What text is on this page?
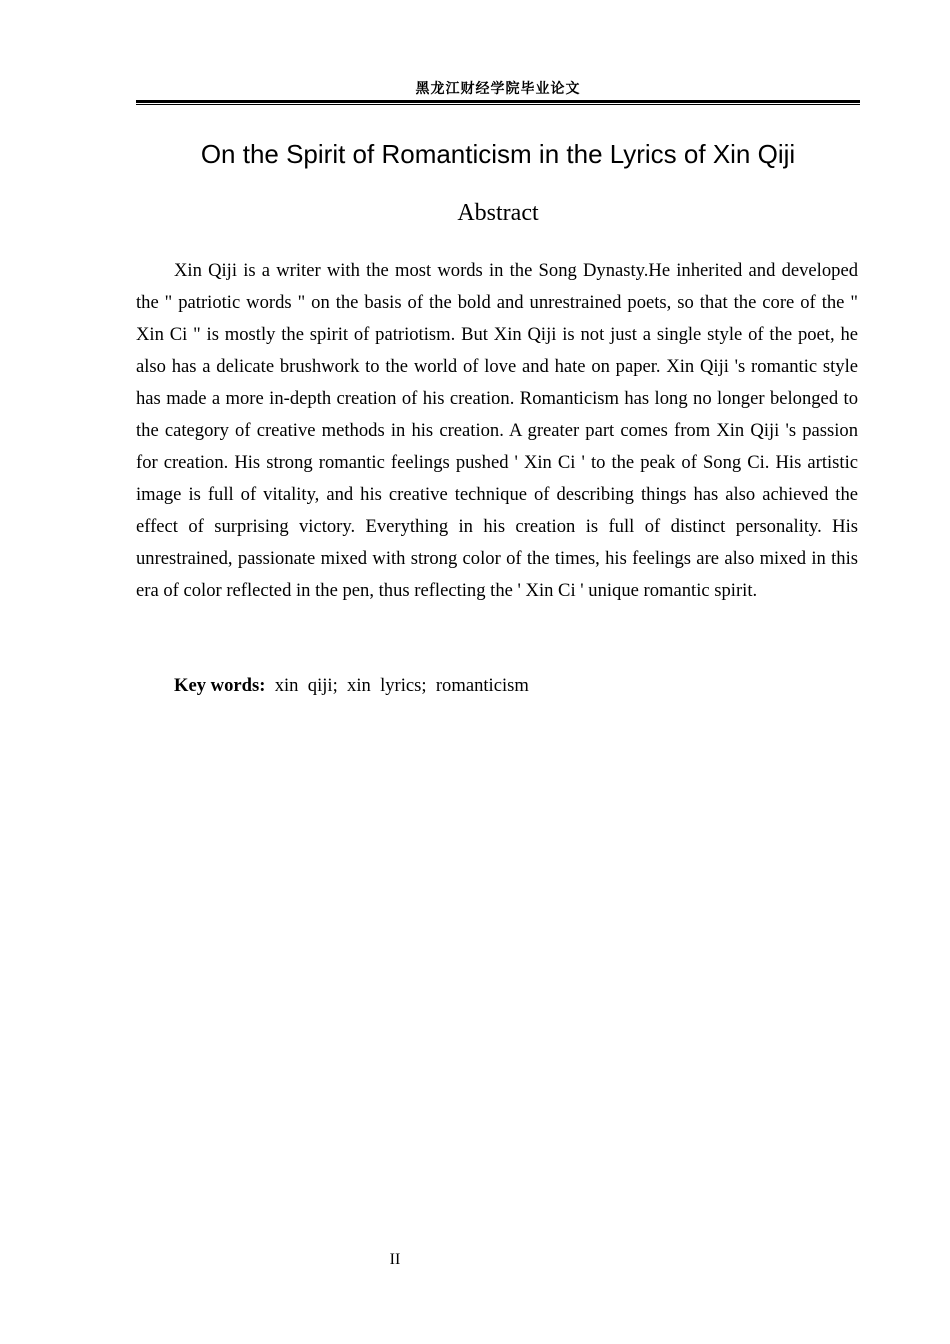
黑龙江财经学院毕业论文
On the Spirit of Romanticism in the Lyrics of Xin Qiji
Abstract

Xin Qiji is a writer with the most words in the Song Dynasty.He inherited and developed the " patriotic words " on the basis of the bold and unrestrained poets, so that the core of the " Xin Ci " is mostly the spirit of patriotism. But Xin Qiji is not just a single style of the poet, he also has a delicate brushwork to the world of love and hate on paper. Xin Qiji 's romantic style has made a more in-depth creation of his creation. Romanticism has long no longer belonged to the category of creative methods in his creation. A greater part comes from Xin Qiji 's passion for creation. His strong romantic feelings pushed ' Xin Ci ' to the peak of Song Ci. His artistic image is full of vitality, and his creative technique of describing things has also achieved the effect of surprising victory. Everything in his creation is full of distinct personality. His unrestrained, passionate mixed with strong color of the times, his feelings are also mixed in this era of color reflected in the pen, thus reflecting the ' Xin Ci ' unique romantic spirit.

Key words:  xin  qiji;  xin  lyrics;  romanticism
II
